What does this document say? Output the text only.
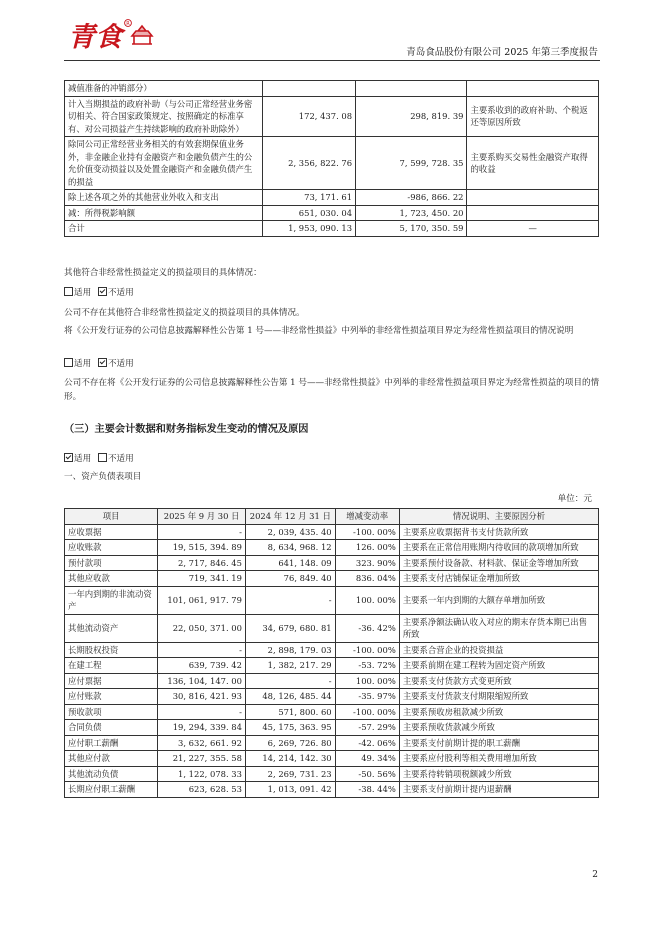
青食 R
青岛食品股份有限公司 2025 年第三季度报告
减值准备的冲销部分）			
计入当期损益的政府补助（与公司正常经营业务密切相关、符合国家政策规定、按照确定的标准享有、对公司损益产生持续影响的政府补助除外）	172, 437. 08	298, 819. 39	主要系收到的政府补助、个税返还等原因所致
除同公司正常经营业务相关的有效套期保值业务外，非金融企业持有金融资产和金融负债产生的公允价值变动损益以及处置金融资产和金融负债产生的损益	2, 356, 822. 76	7, 599, 728. 35	主要系购买交易性金融资产取得的收益
除上述各项之外的其他营业外收入和支出	73, 171. 61	-986, 866. 22	
减：所得税影响额	651, 030. 04	1, 723, 450. 20	
合计	1, 953, 090. 13	5, 170, 350. 59	—
其他符合非经常性损益定义的损益项目的具体情况：
适用 不适用
公司不存在其他符合非经常性损益定义的损益项目的具体情况。
将《公开发行证券的公司信息披露解释性公告第 1 号——非经常性损益》中列举的非经常性损益项目界定为经常性损益项目的情况说明
适用 不适用
公司不存在将《公开发行证券的公司信息披露解释性公告第 1 号——非经常性损益》中列举的非经常性损益项目界定为经常性损益的项目的情形。
（三）主要会计数据和财务指标发生变动的情况及原因
适用 不适用
一、资产负债表项目
单位：元
项目	2025 年 9 月 30 日	2024 年 12 月 31 日	增减变动率	情况说明、主要原因分析
应收票据	-	2, 039, 435. 40	-100. 00%	主要系应收票据背书支付货款所致
应收账款	19, 515, 394. 89	8, 634, 968. 12	126. 00%	主要系在正常信用账期内待收回的款项增加所致
预付款项	2, 717, 846. 45	641, 148. 09	323. 90%	主要系预付设备款、材料款、保证金等增加所致
其他应收款	719, 341. 19	76, 849. 40	836. 04%	主要系支付店铺保证金增加所致
一年内到期的非流动资产	101, 061, 917. 79	-	100. 00%	主要系一年内到期的大额存单增加所致
其他流动资产	22, 050, 371. 00	34, 679, 680. 81	-36. 42%	主要系净额法确认收入对应的期末存货本期已出售所致
长期股权投资	-	2, 898, 179. 03	-100. 00%	主要系合营企业的投资损益
在建工程	639, 739. 42	1, 382, 217. 29	-53. 72%	主要系前期在建工程转为固定资产所致
应付票据	136, 104, 147. 00	-	100. 00%	主要系支付货款方式变更所致
应付账款	30, 816, 421. 93	48, 126, 485. 44	-35. 97%	主要系支付货款支付期限缩短所致
预收款项	-	571, 800. 60	-100. 00%	主要系预收房租款减少所致
合同负债	19, 294, 339. 84	45, 175, 363. 95	-57. 29%	主要系预收货款减少所致
应付职工薪酬	3, 632, 661. 92	6, 269, 726. 80	-42. 06%	主要系支付前期计提的职工薪酬
其他应付款	21, 227, 355. 58	14, 214, 142. 30	49. 34%	主要系应付股利等相关费用增加所致
其他流动负债	1, 122, 078. 33	2, 269, 731. 23	-50. 56%	主要系待转销项税额减少所致
长期应付职工薪酬	623, 628. 53	1, 013, 091. 42	-38. 44%	主要系支付前期计提内退薪酬
2
